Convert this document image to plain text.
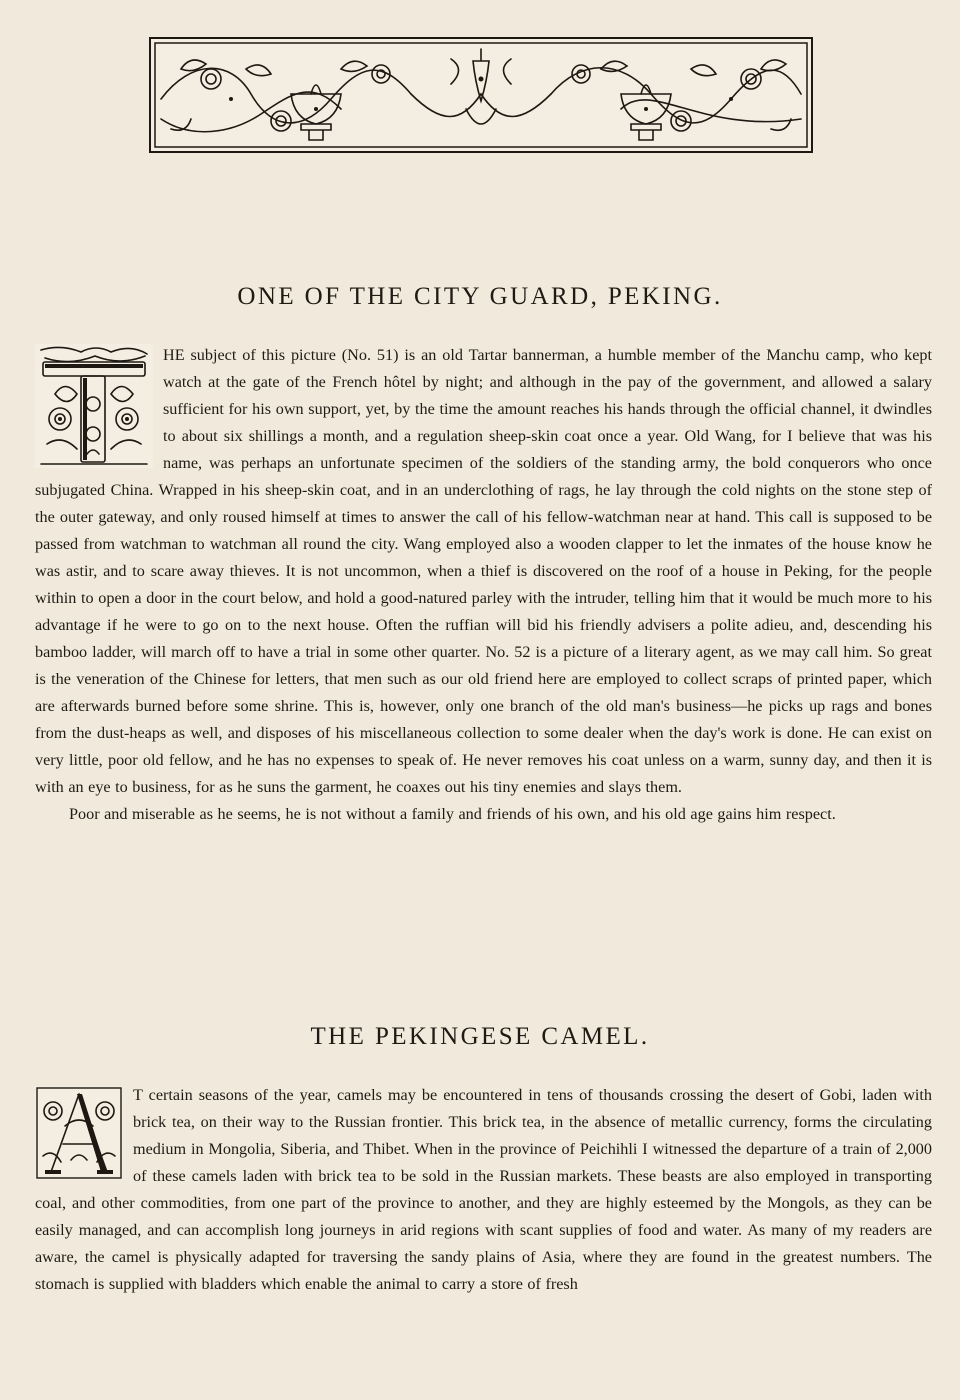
ONE OF THE CITY GUARD, PEKING.

HE subject of this picture (No. 51) is an old Tartar bannerman, a humble member of the Manchu camp, who kept watch at the gate of the French hôtel by night; and although in the pay of the government, and allowed a salary sufficient for his own support, yet, by the time the amount reaches his hands through the official channel, it dwindles to about six shillings a month, and a regulation sheep-skin coat once a year. Old Wang, for I believe that was his name, was perhaps an unfortunate specimen of the soldiers of the standing army, the bold conquerors who once subjugated China. Wrapped in his sheep-skin coat, and in an underclothing of rags, he lay through the cold nights on the stone step of the outer gateway, and only roused himself at times to answer the call of his fellow-watchman near at hand. This call is supposed to be passed from watchman to watchman all round the city. Wang employed also a wooden clapper to let the inmates of the house know he was astir, and to scare away thieves. It is not uncommon, when a thief is discovered on the roof of a house in Peking, for the people within to open a door in the court below, and hold a good-natured parley with the intruder, telling him that it would be much more to his advantage if he were to go on to the next house. Often the ruffian will bid his friendly advisers a polite adieu, and, descending his bamboo ladder, will march off to have a trial in some other quarter. No. 52 is a picture of a literary agent, as we may call him. So great is the veneration of the Chinese for letters, that men such as our old friend here are employed to collect scraps of printed paper, which are afterwards burned before some shrine. This is, however, only one branch of the old man's business—he picks up rags and bones from the dust-heaps as well, and disposes of his miscellaneous collection to some dealer when the day's work is done. He can exist on very little, poor old fellow, and he has no expenses to speak of. He never removes his coat unless on a warm, sunny day, and then it is with an eye to business, for as he suns the garment, he coaxes out his tiny enemies and slays them.

Poor and miserable as he seems, he is not without a family and friends of his own, and his old age gains him respect.

THE PEKINGESE CAMEL.

T certain seasons of the year, camels may be encountered in tens of thousands crossing the desert of Gobi, laden with brick tea, on their way to the Russian frontier. This brick tea, in the absence of metallic currency, forms the circulating medium in Mongolia, Siberia, and Thibet. When in the province of Peichihli I witnessed the departure of a train of 2,000 of these camels laden with brick tea to be sold in the Russian markets. These beasts are also employed in transporting coal, and other commodities, from one part of the province to another, and they are highly esteemed by the Mongols, as they can be easily managed, and can accomplish long journeys in arid regions with scant supplies of food and water. As many of my readers are aware, the camel is physically adapted for traversing the sandy plains of Asia, where they are found in the greatest numbers. The stomach is supplied with bladders which enable the animal to carry a store of fresh
